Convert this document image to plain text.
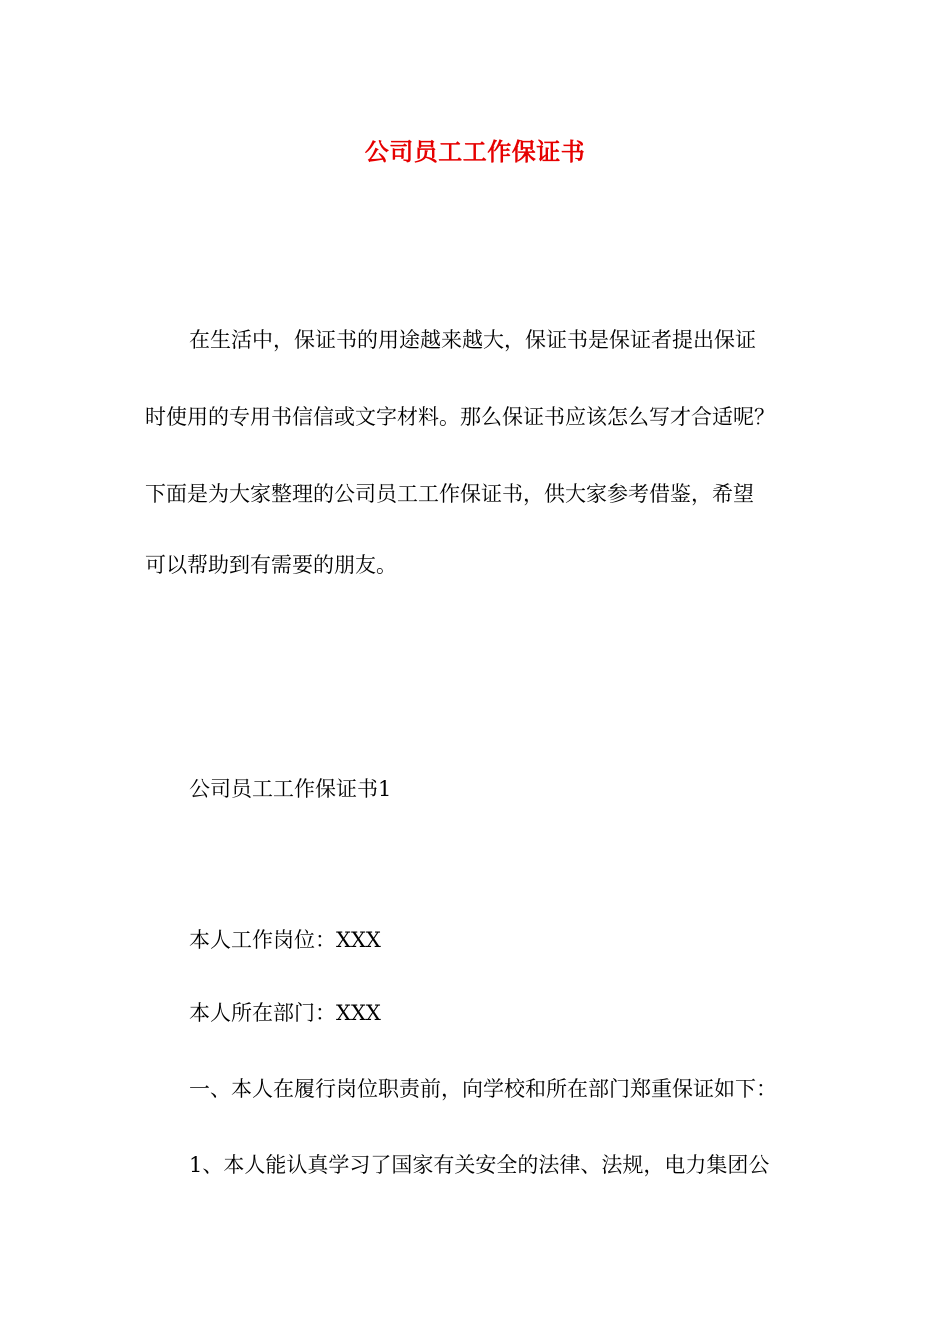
公司员工工作保证书
在生活中，保证书的用途越来越大，保证书是保证者提出保证
时使用的专用书信信或文字材料。那么保证书应该怎么写才合适呢？
下面是为大家整理的公司员工工作保证书，供大家参考借鉴，希望
可以帮助到有需要的朋友。
公司员工工作保证书1
本人工作岗位：XXX
本人所在部门：XXX
一、本人在履行岗位职责前，向学校和所在部门郑重保证如下：
1、本人能认真学习了国家有关安全的法律、法规，电力集团公
